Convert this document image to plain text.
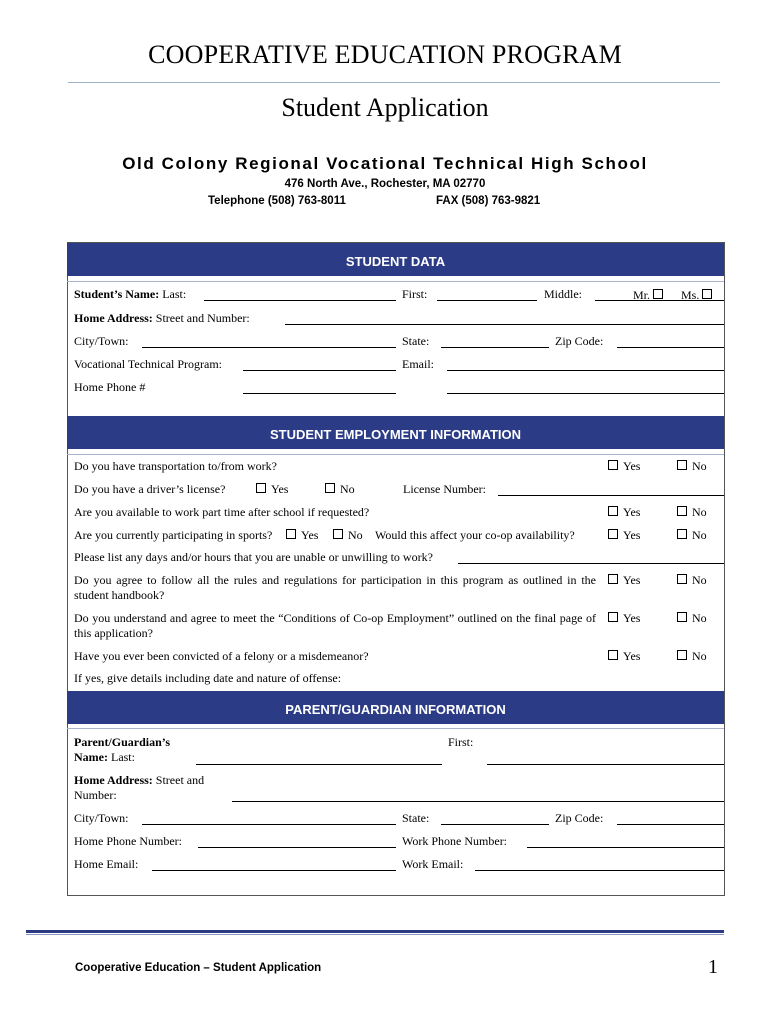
COOPERATIVE EDUCATION PROGRAM
Student Application
Old Colony Regional Vocational Technical High School
476 North Ave., Rochester, MA 02770
Telephone (508) 763-8011	FAX (508) 763-9821
STUDENT DATA
Student’s Name: Last:	First:	Middle:	Mr.	Ms.
Home Address: Street and Number:
City/Town:	State:	Zip Code:
Vocational Technical Program:	Email:
Home Phone #
STUDENT EMPLOYMENT INFORMATION
Do you have transportation to/from work?	Yes	No
Do you have a driver’s license?	Yes	No	License Number:
Are you available to work part time after school if requested?	Yes	No
Are you currently participating in sports?	Yes	No Would this affect your co-op availability?	Yes	No
Please list any days and/or hours that you are unable or unwilling to work?
Do you agree to follow all the rules and regulations for participation in this program as outlined in the student handbook?
Yes	No
Do you understand and agree to meet the “Conditions of Co-op Employment” outlined on the final page of this application?
Yes	No
Have you ever been convicted of a felony or a misdemeanor?	Yes	No
If yes, give details including date and nature of offense:
PARENT/GUARDIAN INFORMATION
Parent/Guardian’s
Name: Last:
First:
Home Address: Street and
Number:
City/Town:	State:	Zip Code:
Home Phone Number:	Work Phone Number:
Home Email:	Work Email:
Cooperative Education – Student Application	1
